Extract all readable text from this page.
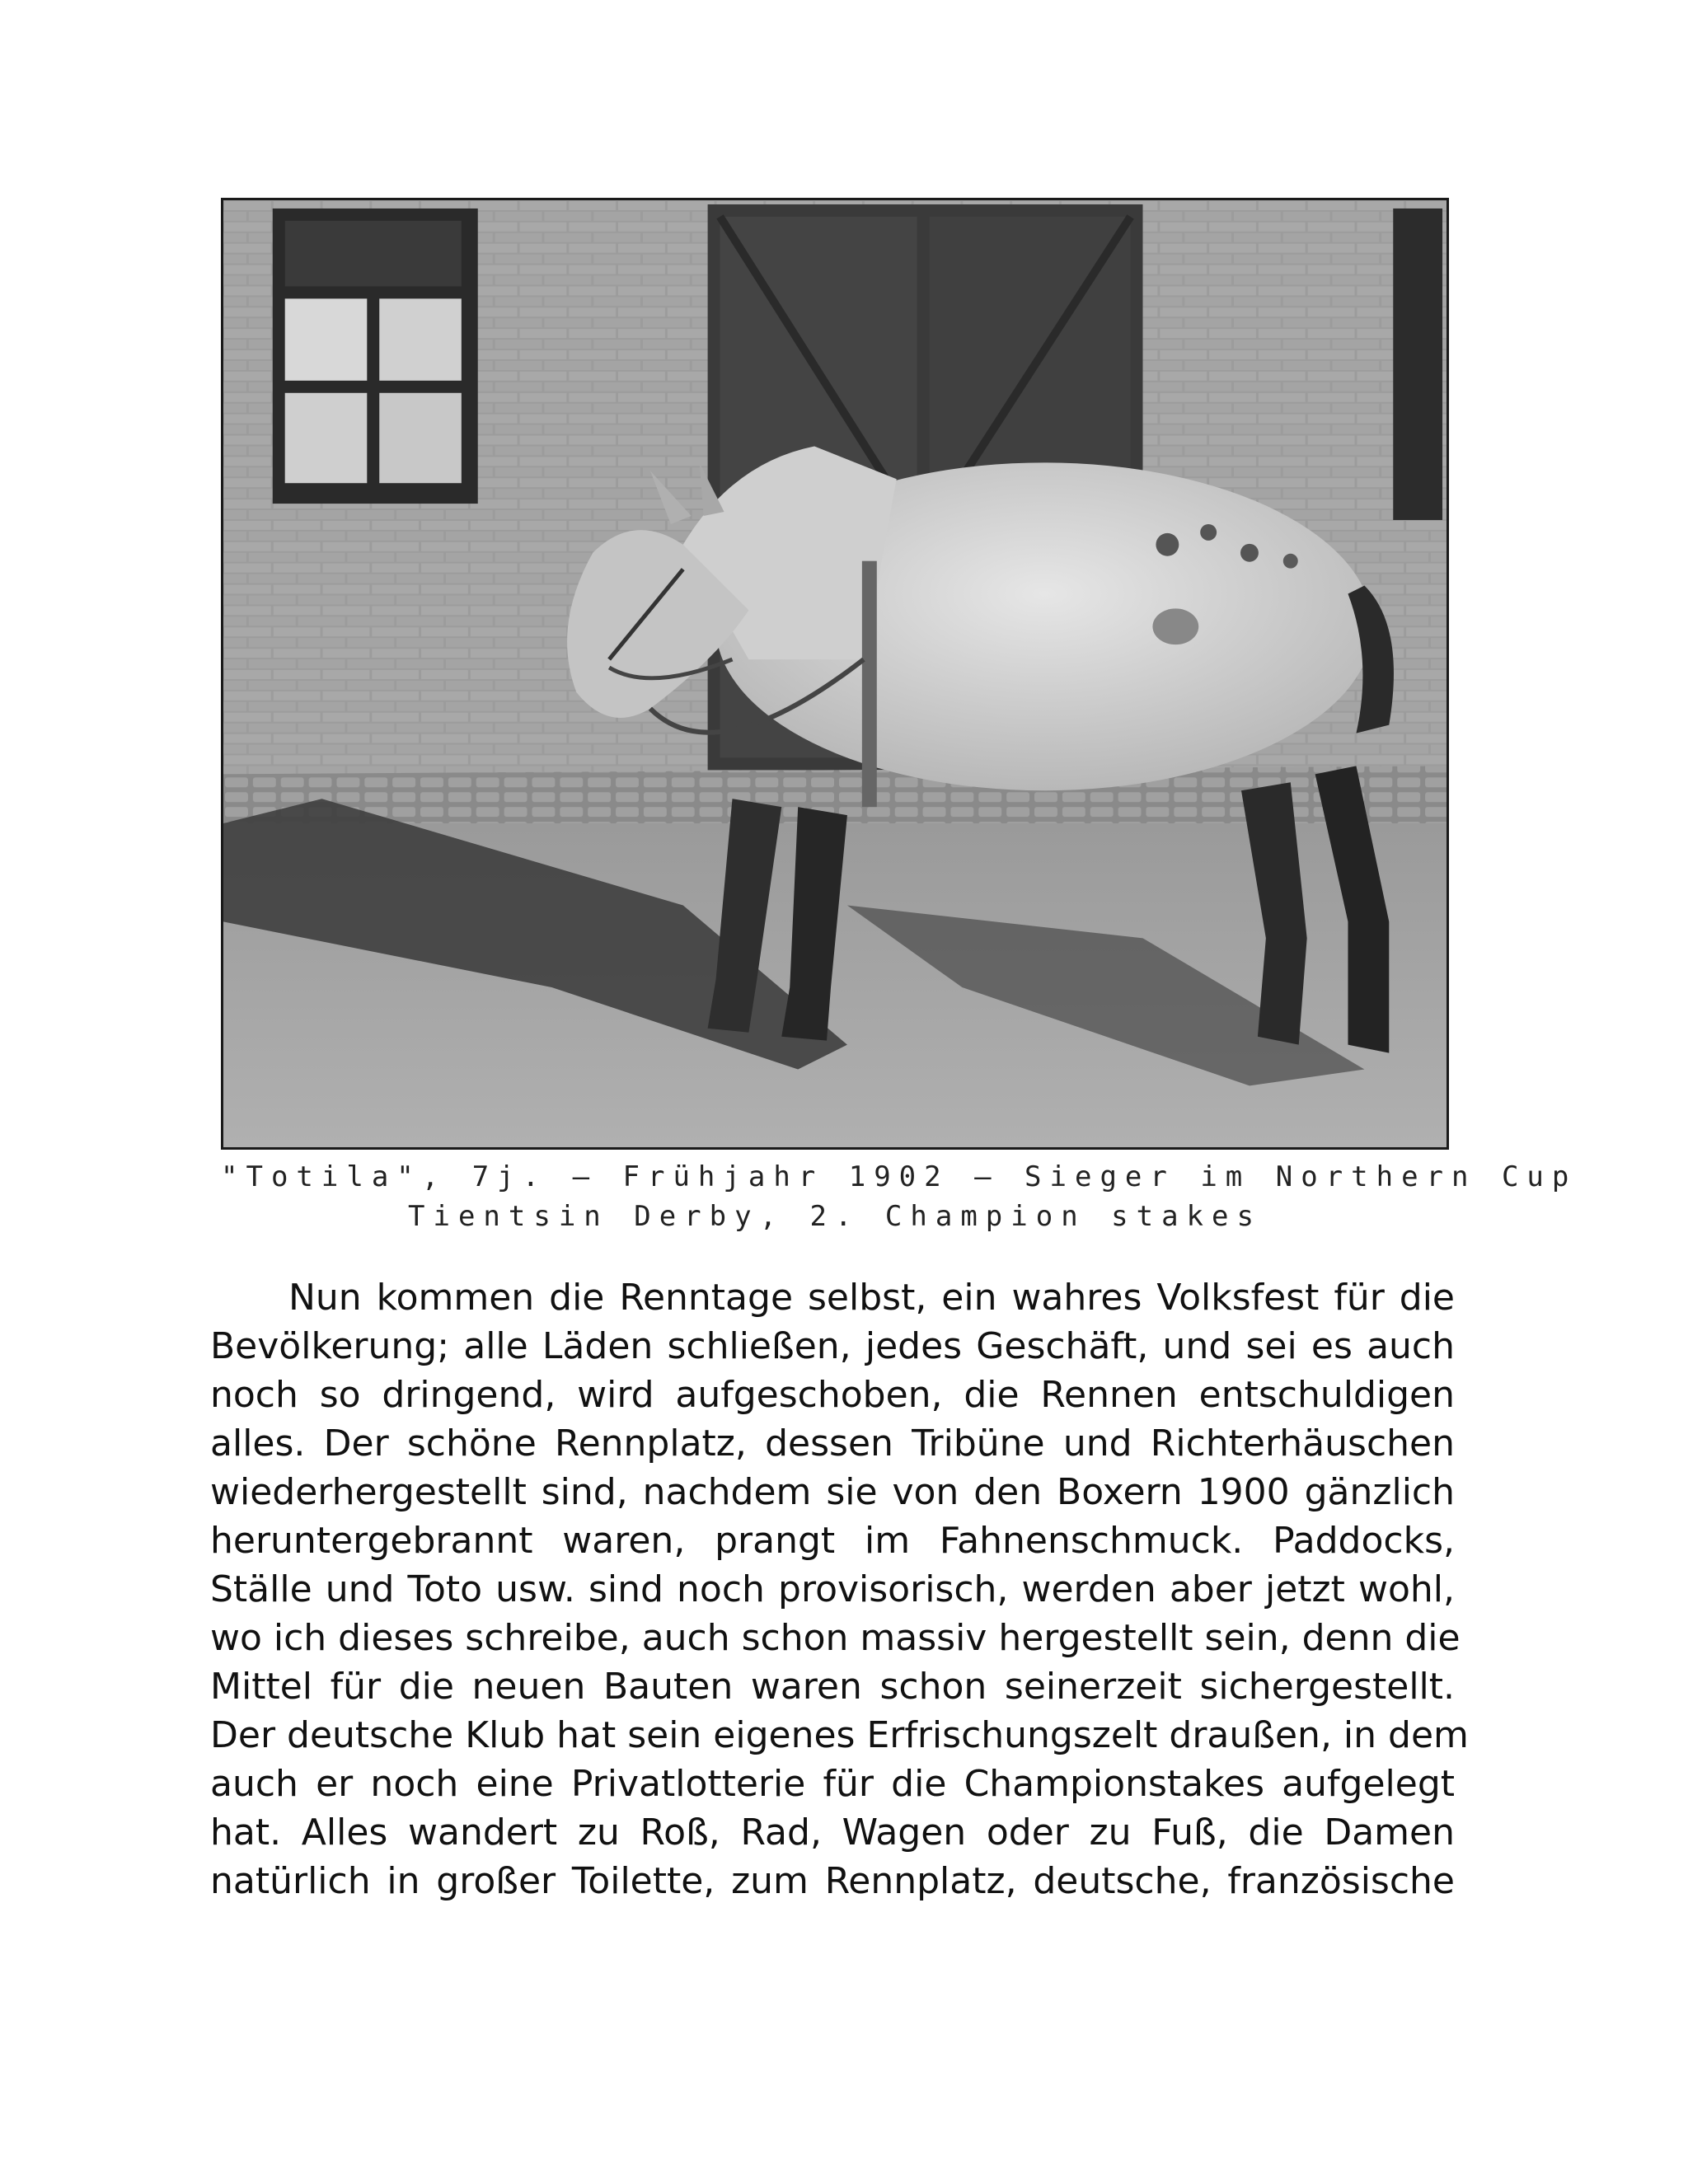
"Totila", 7j. — Frühjahr 1902 — Sieger im Northern Cup
Tientsin Derby, 2. Champion stakes
Nun kommen die Renntage selbst, ein wahres Volksfest für die
Bevölkerung; alle Läden schließen, jedes Geschäft, und sei es auch
noch so dringend, wird aufgeschoben, die Rennen entschuldigen
alles. Der schöne Rennplatz, dessen Tribüne und Richterhäuschen
wiederhergestellt sind, nachdem sie von den Boxern 1900 gänzlich
heruntergebrannt waren, prangt im Fahnenschmuck. Paddocks,
Ställe und Toto usw. sind noch provisorisch, werden aber jetzt wohl,
wo ich dieses schreibe, auch schon massiv hergestellt sein, denn die
Mittel für die neuen Bauten waren schon seinerzeit sichergestellt.
Der deutsche Klub hat sein eigenes Erfrischungszelt draußen, in dem
auch er noch eine Privatlotterie für die Championstakes aufgelegt
hat. Alles wandert zu Roß, Rad, Wagen oder zu Fuß, die Damen
natürlich in großer Toilette, zum Rennplatz, deutsche, französische
